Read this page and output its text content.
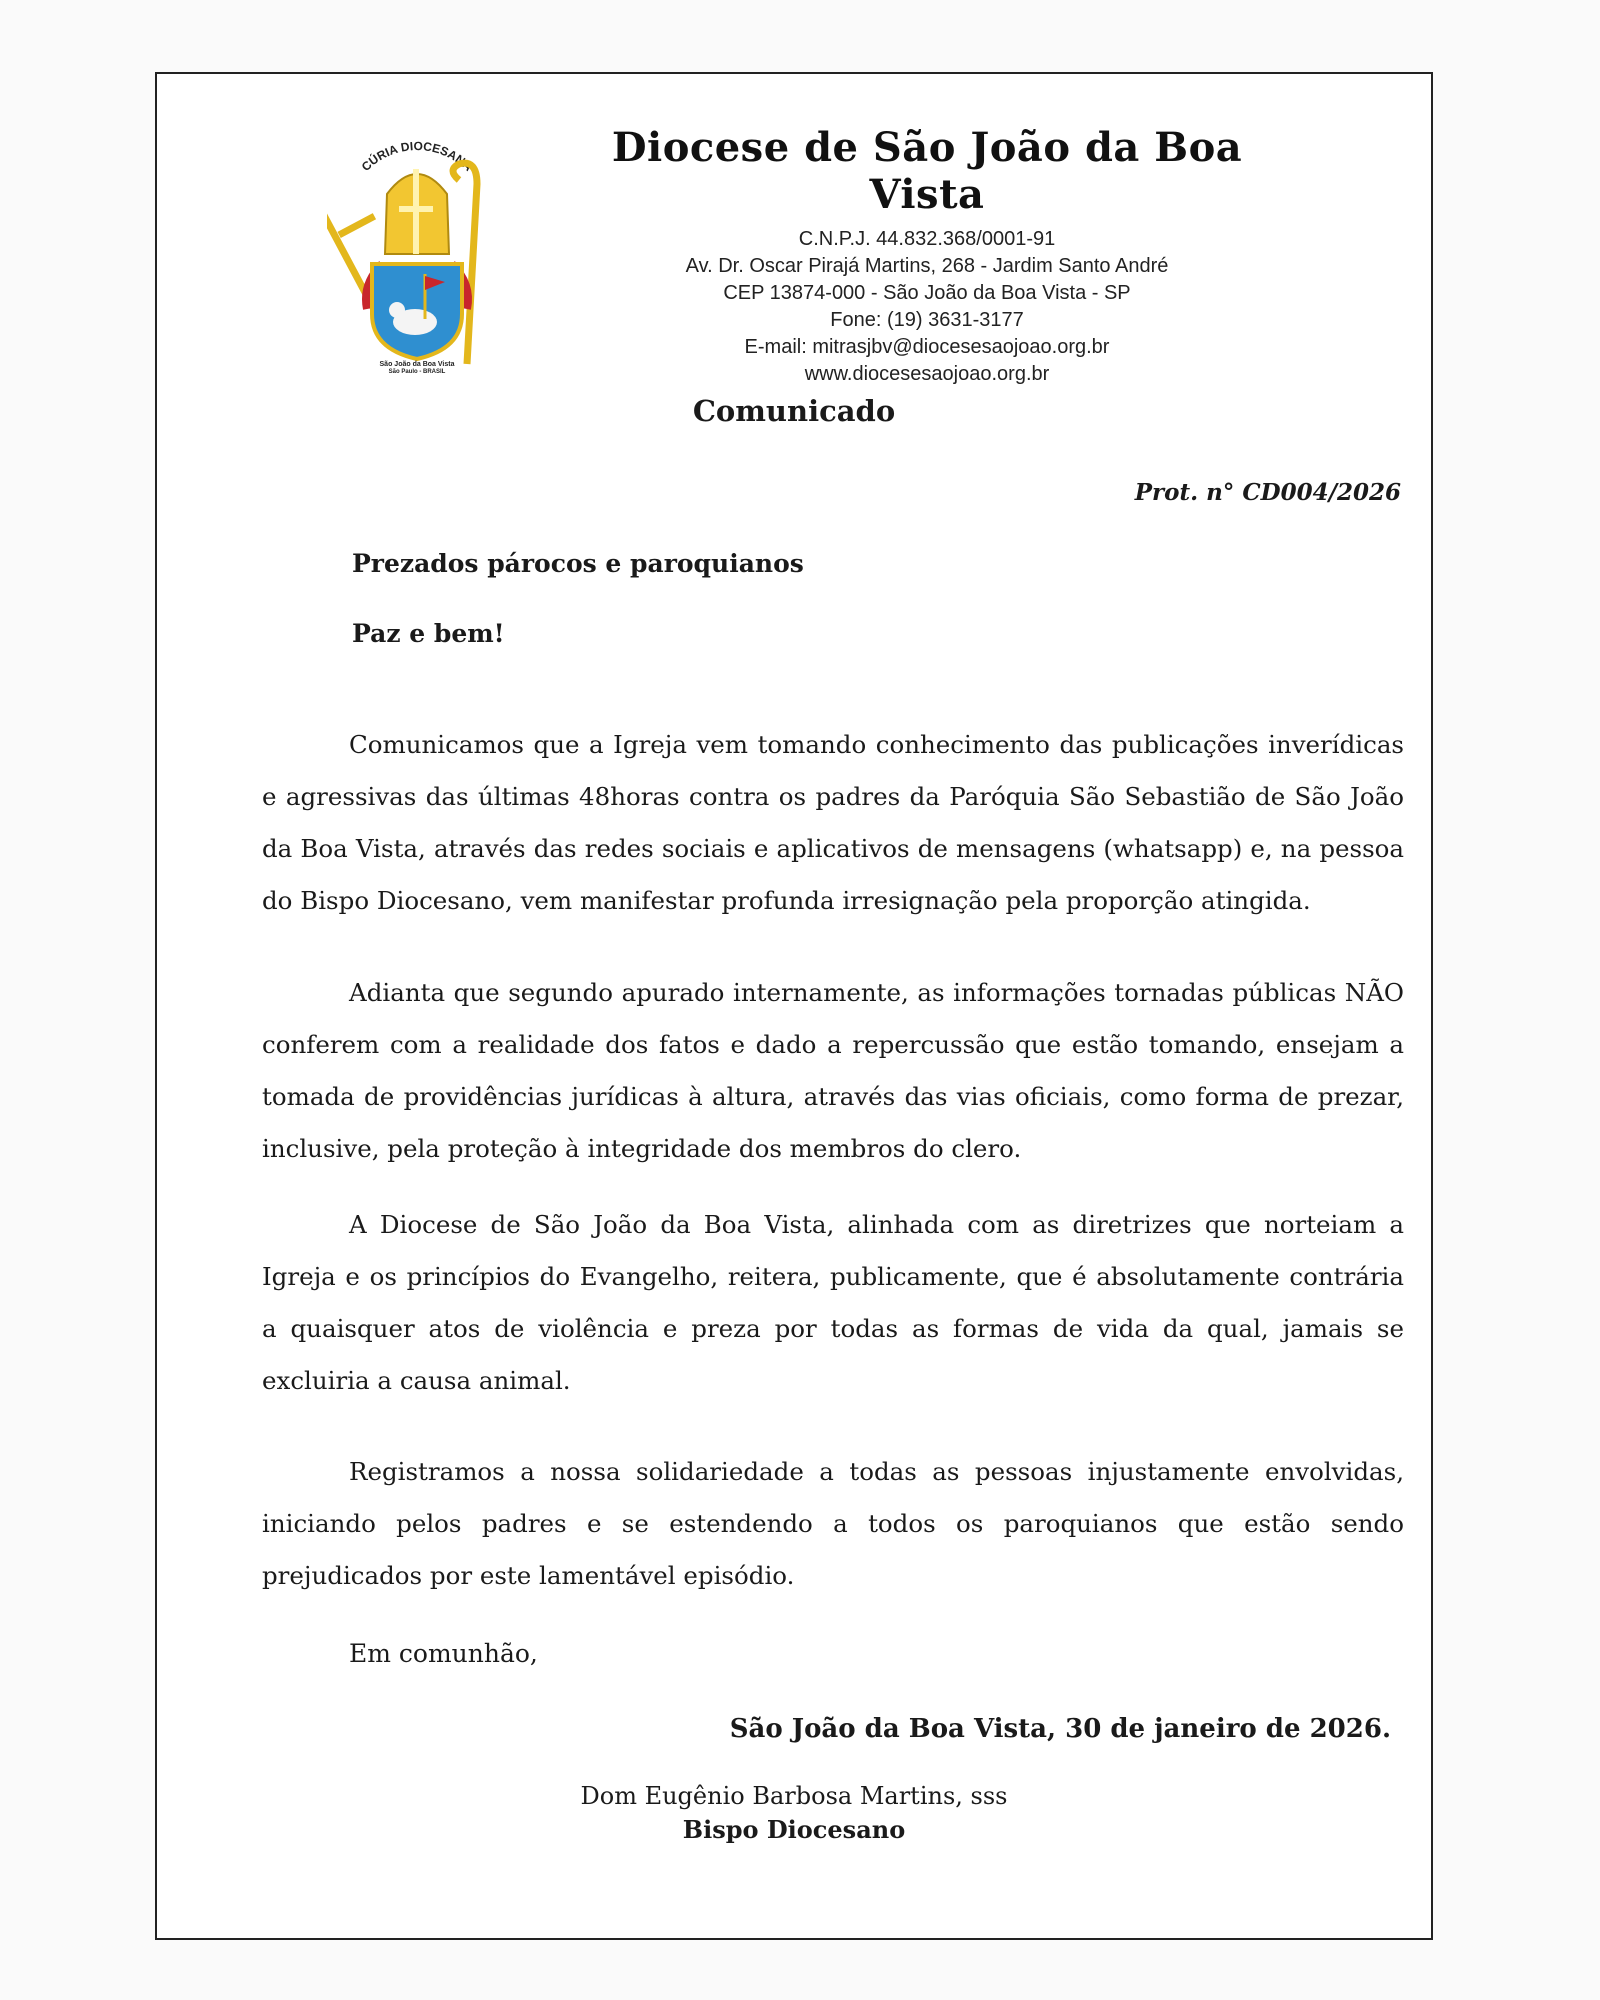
CÚRIA DIOCESANA
São João da Boa Vista
São Paulo - BRASIL

Diocese de São João da Boa Vista

C.N.P.J. 44.832.368/0001-91

Av. Dr. Oscar Pirajá Martins, 268 - Jardim Santo André

CEP 13874-000 - São João da Boa Vista - SP

Fone: (19) 3631-3177

E-mail: mitrasjbv@diocesesaojoao.org.br

www.diocesesaojoao.org.br

Comunicado
Prot. n° CD004/2026
Prezados párocos e paroquianos
Paz e bem!

Comunicamos que a Igreja vem tomando conhecimento das publicações inverídicas e agressivas das últimas 48horas contra os padres da Paróquia São Sebastião de São João da Boa Vista, através das redes sociais e aplicativos de mensagens (whatsapp) e, na pessoa do Bispo Diocesano, vem manifestar profunda irresignação pela proporção atingida.

Adianta que segundo apurado internamente, as informações tornadas públicas NÃO conferem com a realidade dos fatos e dado a repercussão que estão tomando, ensejam a tomada de providências jurídicas à altura, através das vias oficiais, como forma de prezar, inclusive, pela proteção à integridade dos membros do clero.

A Diocese de São João da Boa Vista, alinhada com as diretrizes que norteiam a Igreja e os princípios do Evangelho, reitera, publicamente, que é absolutamente contrária a quaisquer atos de violência e preza por todas as formas de vida da qual, jamais se excluiria a causa animal.

Registramos a nossa solidariedade a todas as pessoas injustamente envolvidas, iniciando pelos padres e se estendendo a todos os paroquianos que estão sendo prejudicados por este lamentável episódio.

Em comunhão,
São João da Boa Vista, 30 de janeiro de 2026.
Dom Eugênio Barbosa Martins, sss
Bispo Diocesano
